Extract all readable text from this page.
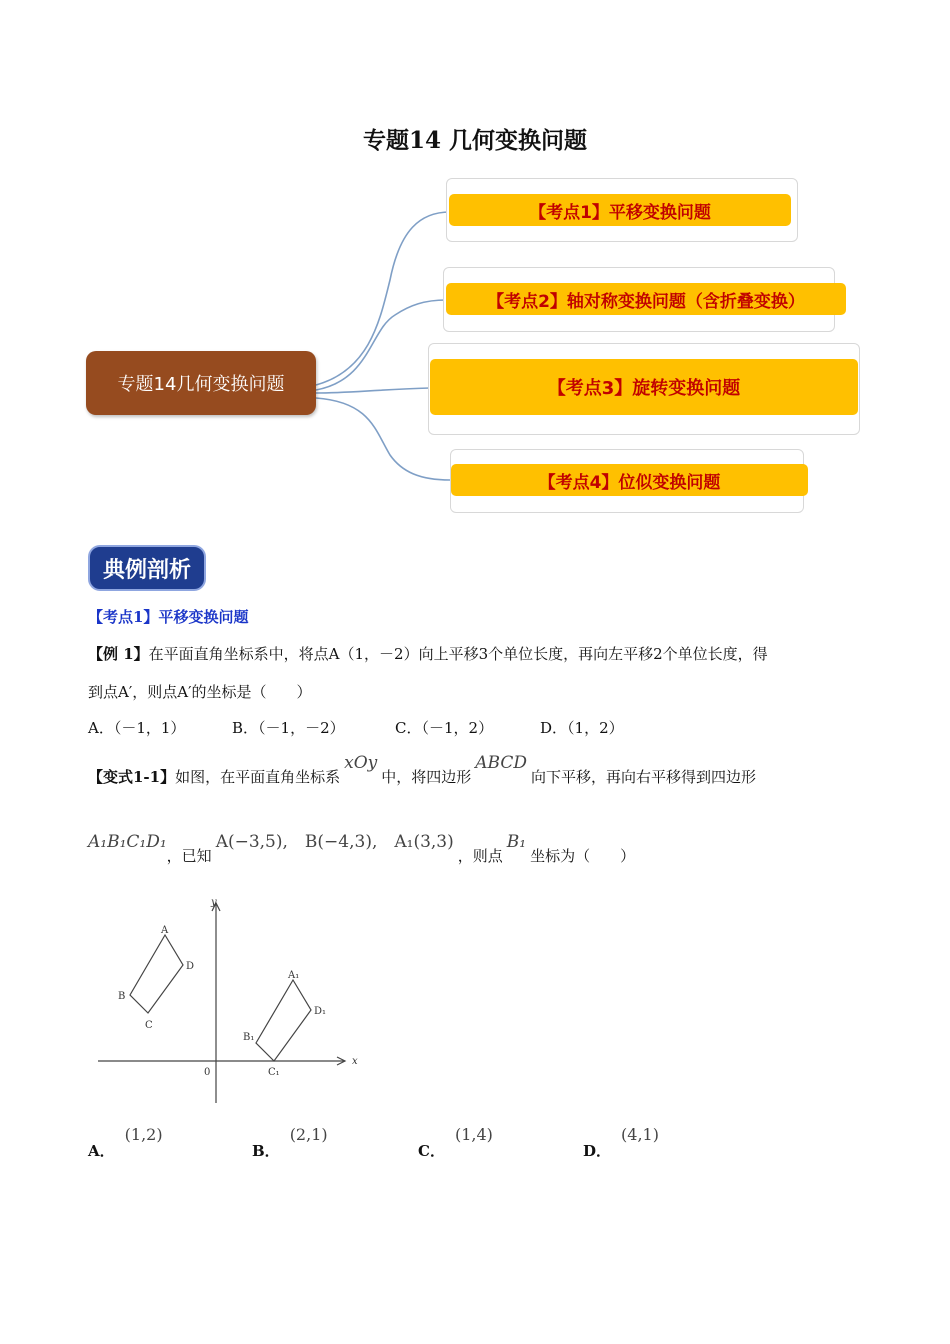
专题14 几何变换问题
专题14几何变换问题
【考点1】平移变换问题
【考点2】轴对称变换问题（含折叠变换）
【考点3】旋转变换问题
【考点4】位似变换问题
典例剖析
【考点1】平移变换问题
【例 1】在平面直角坐标系中，将点A（1，－2）向上平移3个单位长度，再向左平移2个单位长度，得
到点A′，则点A′的坐标是（　　）
A．（－1，1）	B．（－1，－2）	C．（－1，2）	D．（1，2）
【变式1-1】如图，在平面直角坐标系xOy中，将四边形ABCD向下平移，再向右平移得到四边形
A₁B₁C₁D₁，已知A(−3,5),　B(−4,3),　A₁(3,3)，则点B₁坐标为（　　）
y
x
0
A
B
C
D
A₁
B₁
C₁
D₁
A．(1,2)
B．(2,1)
C．(1,4)
D．(4,1)
